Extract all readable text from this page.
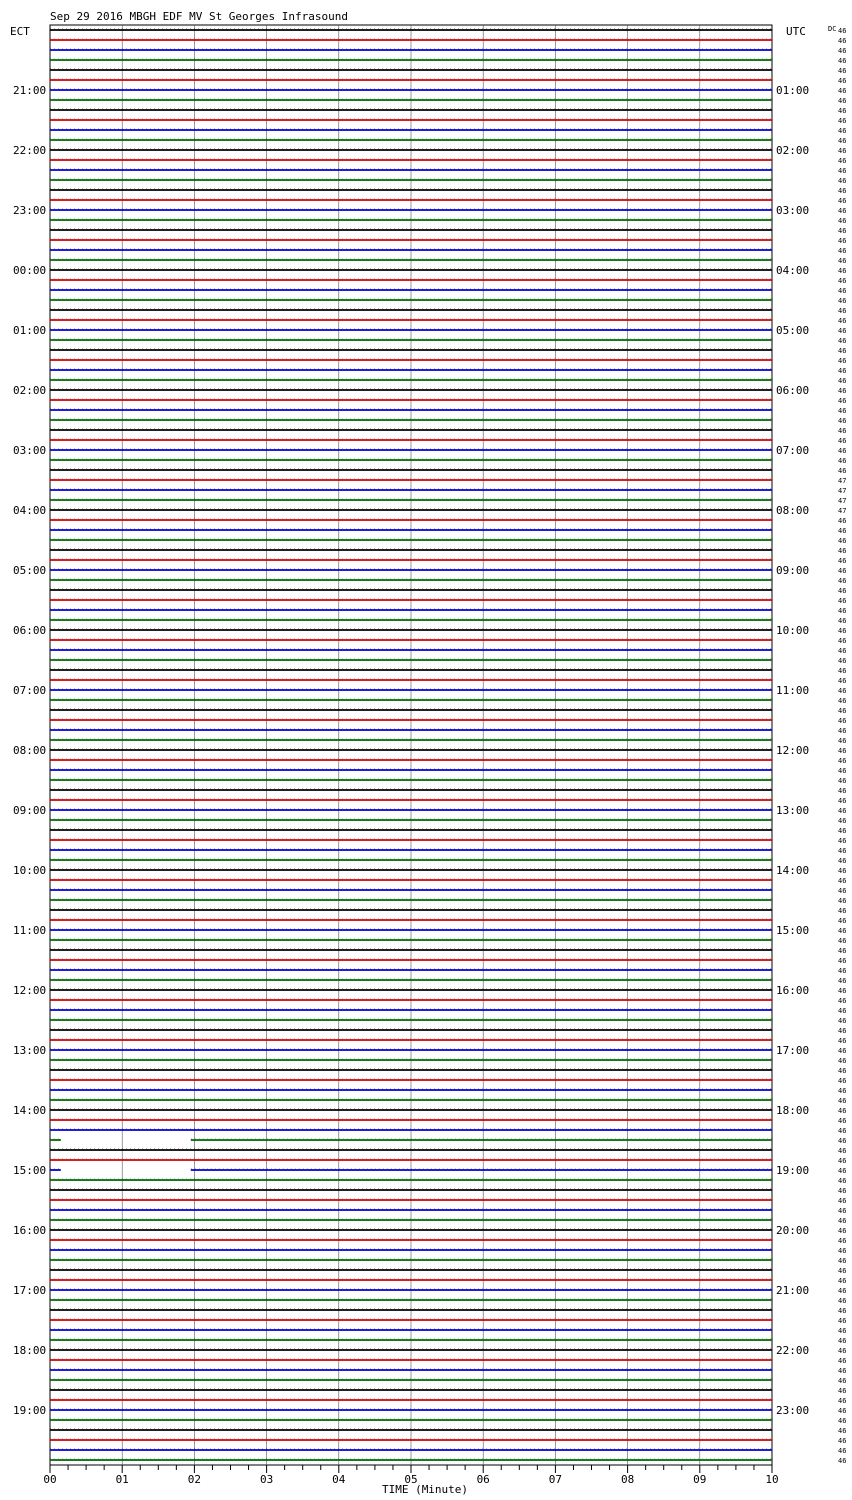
Sep 29 2016 MBGH EDF MV St Georges Infrasound
ECT	UTC	DC
21:00
22:00
23:00
00:00
01:00
02:00
03:00
04:00
05:00
06:00
07:00
08:00
09:00
10:00
11:00
12:00
13:00
14:00
15:00
16:00
17:00
18:00
19:00
01:00
02:00
03:00
04:00
05:00
06:00
07:00
08:00
09:00
10:00
11:00
12:00
13:00
14:00
15:00
16:00
17:00
18:00
19:00
20:00
21:00
22:00
23:00
46
46
46
46
46
46
46
46
46
46
46
46
46
46
46
46
46
46
46
46
46
46
46
46
46
46
46
46
46
46
46
46
46
46
46
46
46
46
46
46
46
46
46
46
46
47
47
47
47
46
46
46
46
46
46
46
46
46
46
46
46
46
46
46
46
46
46
46
46
46
46
46
46
46
46
46
46
46
46
46
46
46
46
46
46
46
46
46
46
46
46
46
46
46
46
46
46
46
46
46
46
46
46
46
46
46
46
46
46
46
46
46
46
46
46
46
46
46
46
46
46
46
46
46
46
46
46
46
46
46
46
46
46
46
46
46
46
46
46
46
46
46
46
46
00	01	02	03	04	05	06	07	08	09	10
TIME (Minute)
